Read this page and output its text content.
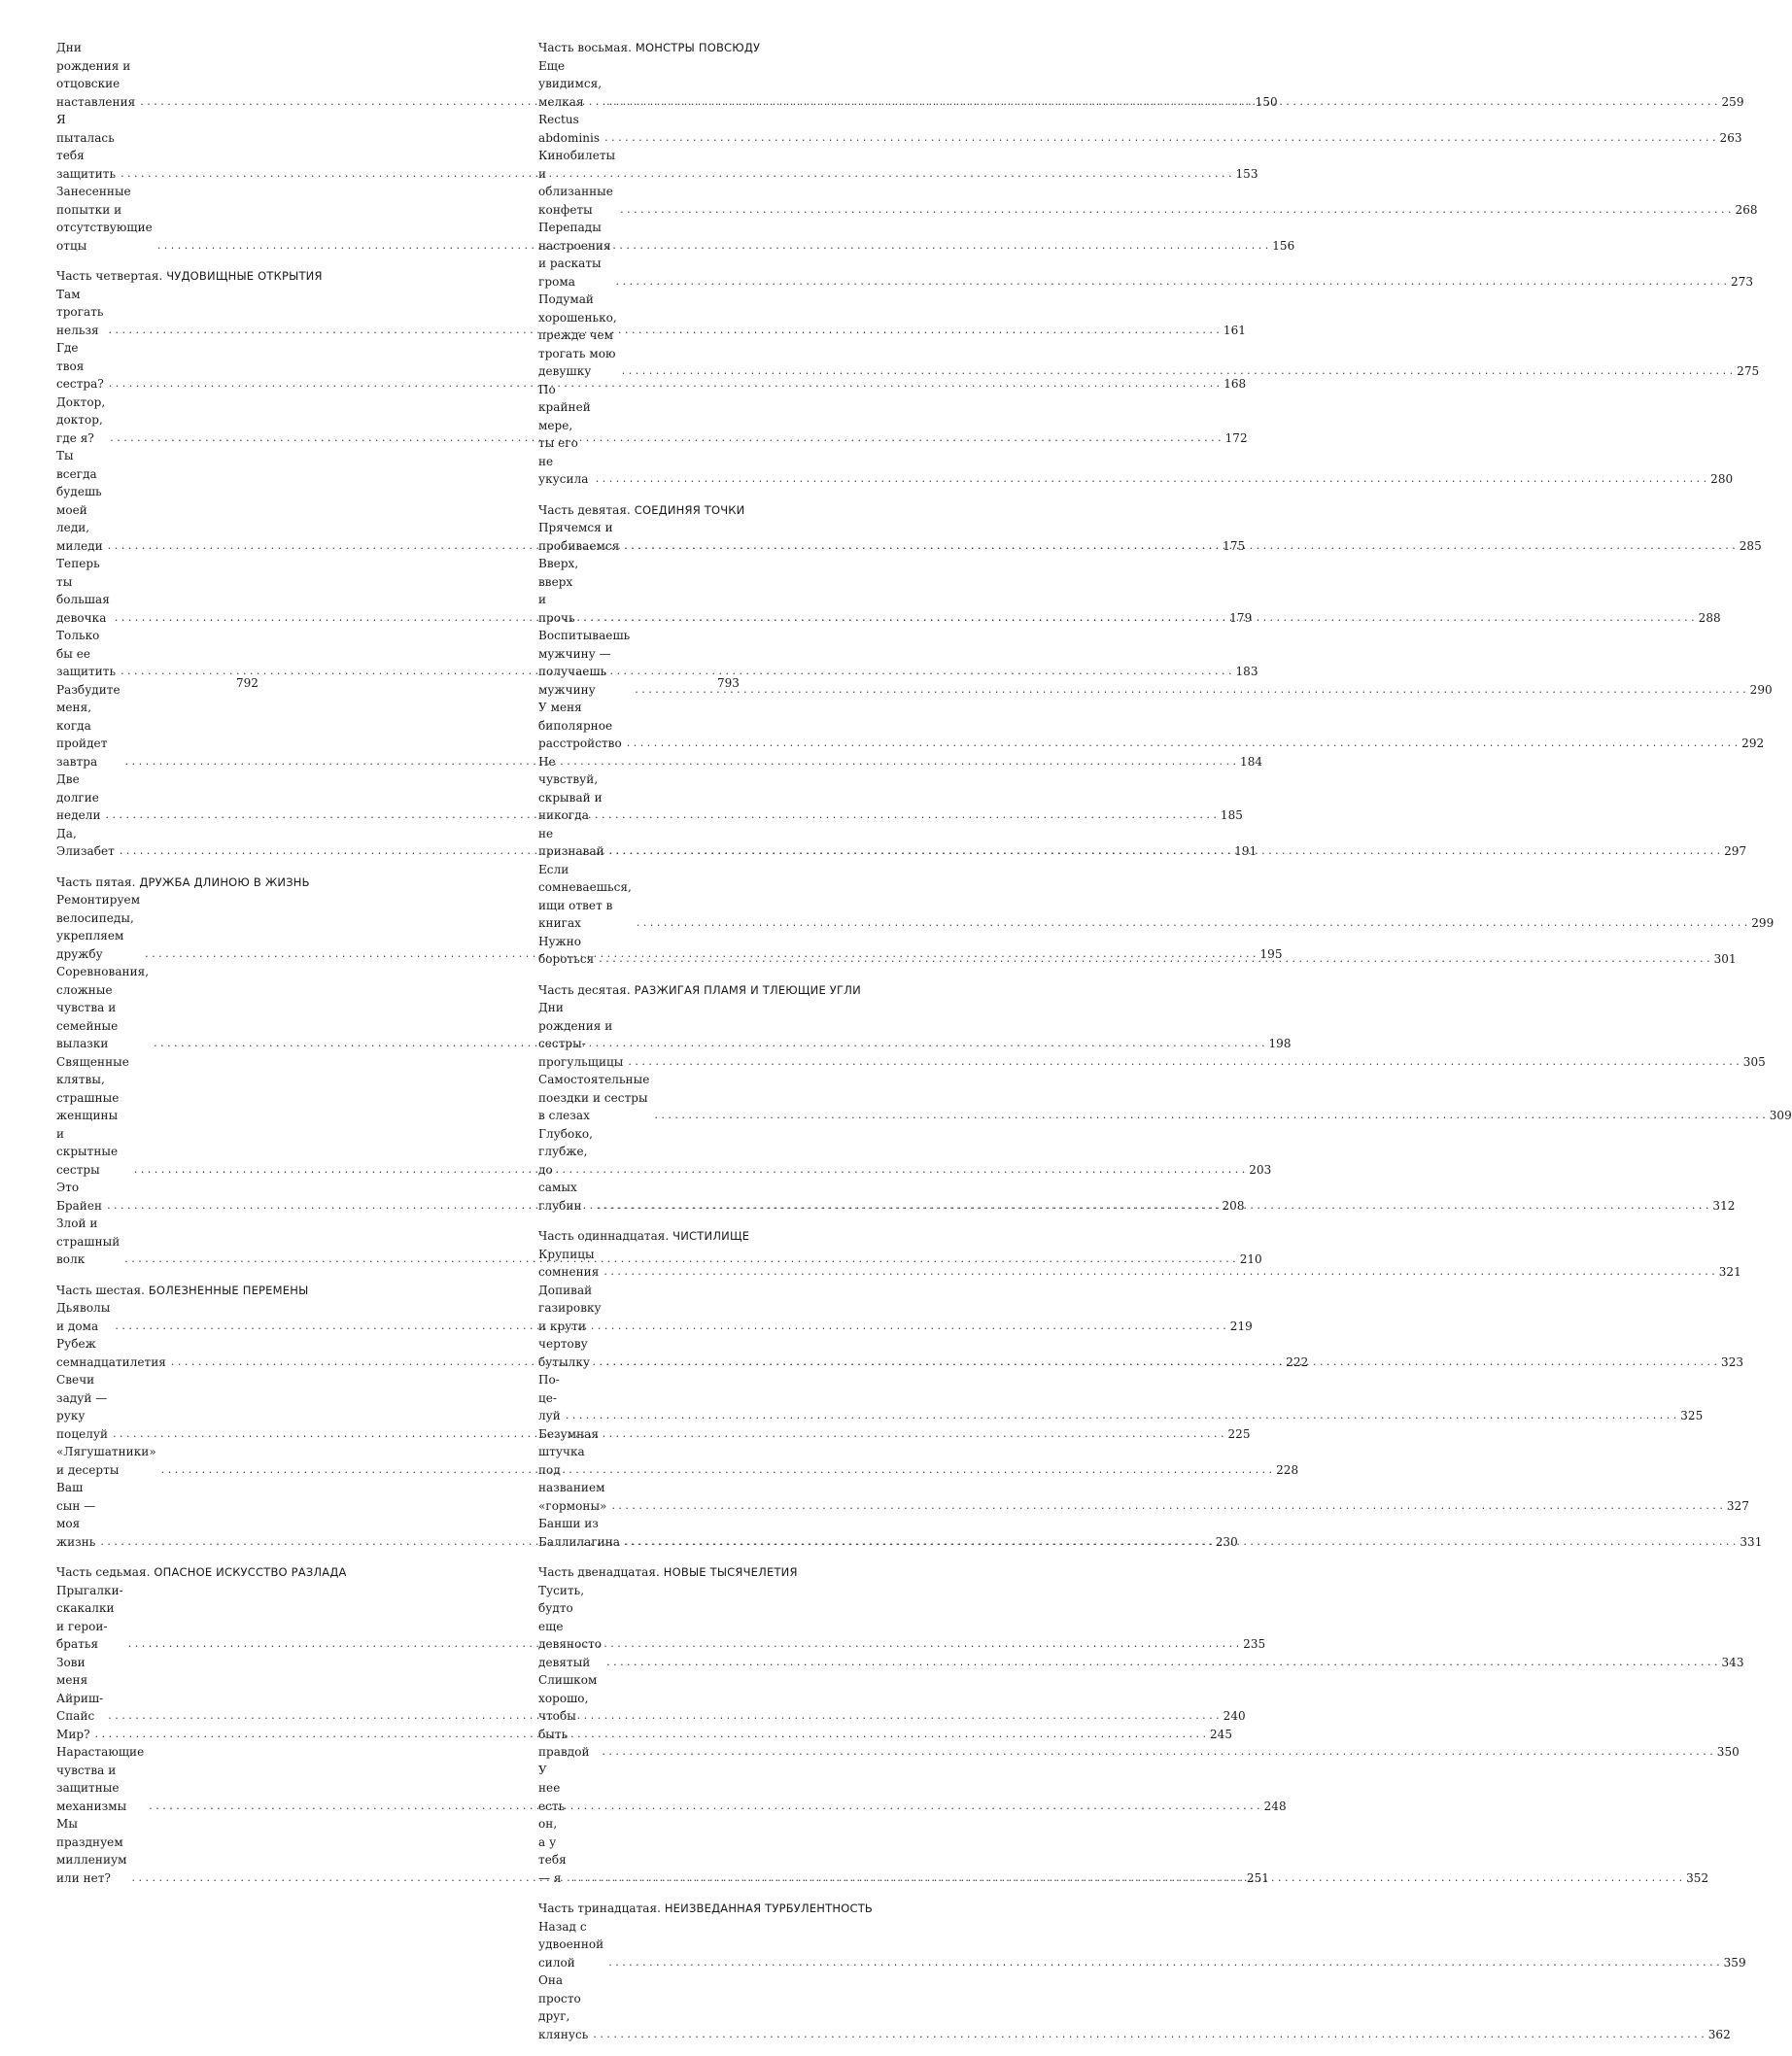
Дни рождения и отцовские наставления . . .	150
Я пыталась тебя защитить . . .	153
Занесенные попытки и отсутствующие отцы . . .	156
Часть четвертая. ЧУДОВИЩНЫЕ ОТКРЫТИЯ
Там трогать нельзя . . .	161
Где твоя сестра? . . .	168
Доктор, доктор, где я? . . .	172
Ты всегда будешь моей леди,
миледи . . .	175
Теперь ты большая девочка . . .	179
Только бы ее защитить . . .	183
Разбудите меня,
когда пройдет завтра . . .	184
Две долгие недели . . .	185
Да, Элизабет . . .	191
Часть пятая. ДРУЖБА ДЛИНОЮ В ЖИЗНЬ
Ремонтируем велосипеды, укрепляем дружбу . . .	195
Соревнования, сложные чувства и семейные вылазки . . .	198
Священные клятвы, страшные женщины и скрытные сестры . . .	203
Это Брайен . . .	208
Злой и страшный волк . . .	210
Часть шестая. БОЛЕЗНЕННЫЕ ПЕРЕМЕНЫ
Дьяволы и дома . . .	219
Рубеж семнадцатилетия . . .	222
Свечи задуй — руку поцелуй . . .	225
«Лягушатники» и десерты . . .	228
Ваш сын — моя жизнь . . .	230
Часть седьмая. ОПАСНОЕ ИСКУССТВО РАЗЛАДА
Прыгалки-скакалки и герои-братья . . .	235
Зови меня Айриш-Спайс . . .	240
Мир? . . .	245
Нарастающие чувства и защитные механизмы . . .	248
Мы празднуем миллениум или нет? . . .	251
Часть восьмая. МОНСТРЫ ПОВСЮДУ
Еще увидимся, мелкая . . .	259
Rectus abdominis . . .	263
Кинобилеты и облизанные конфеты . . .	268
Перепады настроения и раскаты грома . . .	273
Подумай хорошенько, прежде чем трогать мою девушку . . .	275
По крайней мере, ты его не укусила . . .	280
Часть девятая. СОЕДИНЯЯ ТОЧКИ
Прячемся и пробиваемся . . .	285
Вверх, вверх и прочь . . .	288
Воспитываешь мужчину — получаешь мужчину . . .	290
У меня биполярное расстройство . . .	292
Не чувствуй, скрывай и никогда не признавай . . .	297
Если сомневаешься, ищи ответ в книгах . . .	299
Нужно бороться . . .	301
Часть десятая. РАЗЖИГАЯ ПЛАМЯ И ТЛЕЮЩИЕ УГЛИ
Дни рождения и сестры-прогульщицы . . .	305
Самостоятельные поездки и сестры в слезах . . .	309
Глубоко, глубже, до самых глубин . . .	312
Часть одиннадцатая. ЧИСТИЛИЩЕ
Крупицы сомнения . . .	321
Допивай газировку и крути чертову бутылку . . .	323
По-це-луй . . .	325
Безумная штучка под названием «гормоны» . . .	327
Банши из Баллилагина . . .	331
Часть двенадцатая. НОВЫЕ ТЫСЯЧЕЛЕТИЯ
Тусить, будто еще девяносто девятый . . .	343
Слишком хорошо, чтобы быть правдой . . .	350
У нее есть он, а у тебя — я . . .	352
Часть тринадцатая. НЕИЗВЕДАННАЯ ТУРБУЛЕНТНОСТЬ
Назад с удвоенной силой . . .	359
Она просто друг, клянусь . . .	362
792	793
